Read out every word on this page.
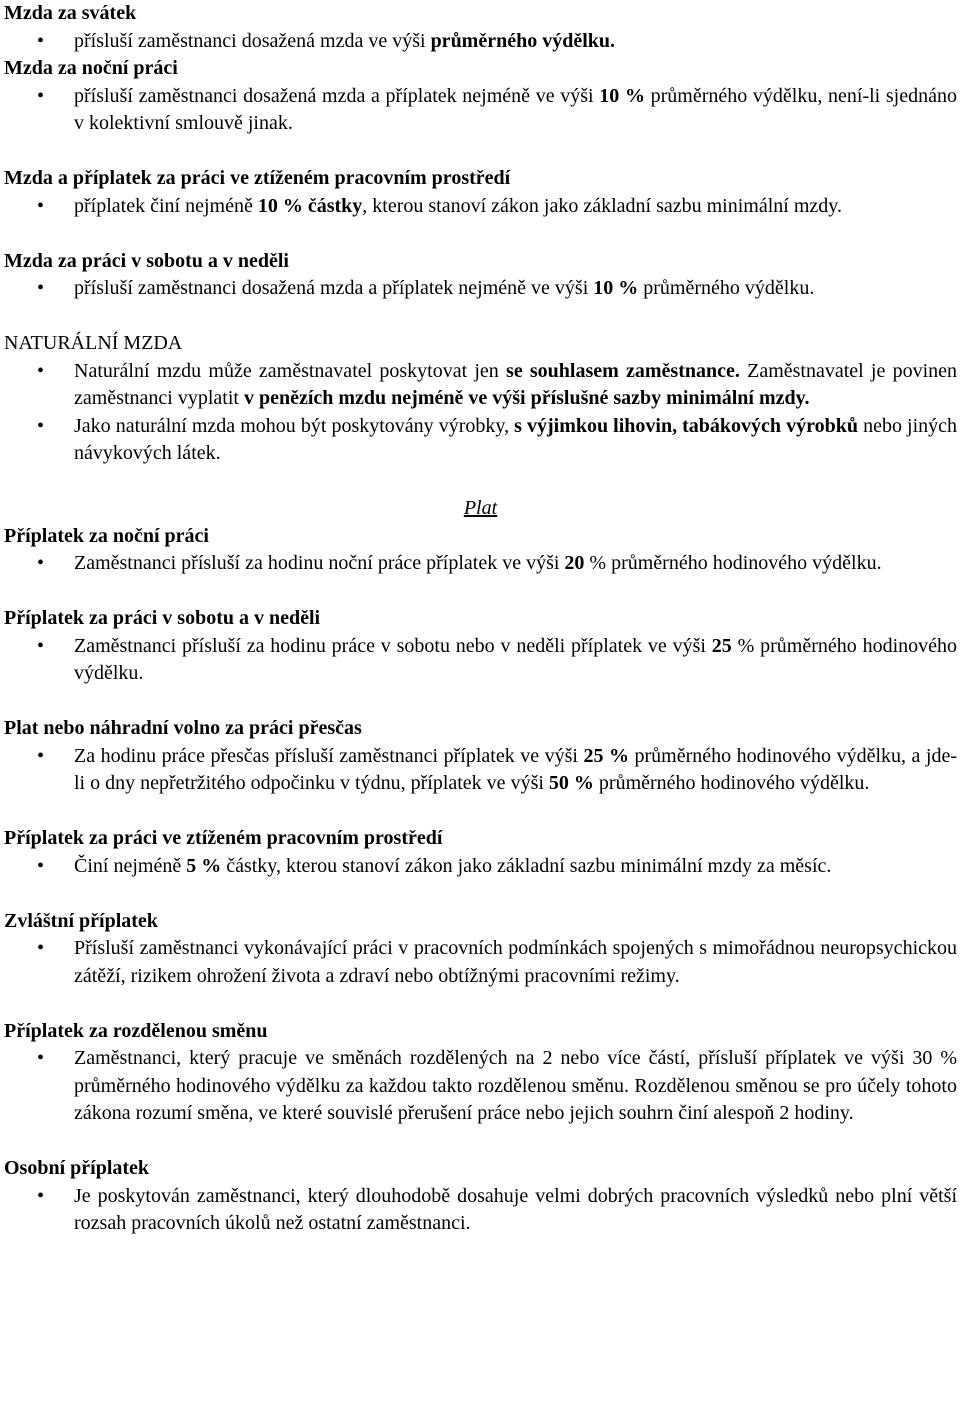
Mzda za svátek

• přísluší zaměstnanci dosažená mzda ve výši průměrného výdělku.

Mzda za noční práci

• přísluší zaměstnanci dosažená mzda a příplatek nejméně ve výši 10 % průměrného výdělku, není-li sjednáno v kolektivní smlouvě jinak.

Mzda a příplatek za práci ve ztíženém pracovním prostředí

• příplatek činí nejméně 10 % částky, kterou stanoví zákon jako základní sazbu minimální mzdy.

Mzda za práci v sobotu a v neděli

• přísluší zaměstnanci dosažená mzda a příplatek nejméně ve výši 10 % průměrného výdělku.

NATURÁLNÍ MZDA

• Naturální mzdu může zaměstnavatel poskytovat jen se souhlasem zaměstnance. Zaměstnavatel je povinen zaměstnanci vyplatit v penězích mzdu nejméně ve výši příslušné sazby minimální mzdy.
• Jako naturální mzda mohou být poskytovány výrobky, s výjimkou lihovin, tabákových výrobků nebo jiných návykových látek.

Plat

Příplatek za noční práci

• Zaměstnanci přísluší za hodinu noční práce příplatek ve výši 20 % průměrného hodinového výdělku.

Příplatek za práci v sobotu a v neděli

• Zaměstnanci přísluší za hodinu práce v sobotu nebo v neděli příplatek ve výši 25 % průměrného hodinového výdělku.

Plat nebo náhradní volno za práci přesčas

• Za hodinu práce přesčas přísluší zaměstnanci příplatek ve výši 25 % průměrného hodinového výdělku, a jde-li o dny nepřetržitého odpočinku v týdnu, příplatek ve výši 50 % průměrného hodinového výdělku.

Příplatek za práci ve ztíženém pracovním prostředí

• Činí nejméně 5 % částky, kterou stanoví zákon jako základní sazbu minimální mzdy za měsíc.

Zvláštní příplatek

• Přísluší zaměstnanci vykonávající práci v pracovních podmínkách spojených s mimořádnou neuropsychickou zátěží, rizikem ohrožení života a zdraví nebo obtížnými pracovními režimy.

Příplatek za rozdělenou směnu

• Zaměstnanci, který pracuje ve směnách rozdělených na 2 nebo více částí, přísluší příplatek ve výši 30 % průměrného hodinového výdělku za každou takto rozdělenou směnu. Rozdělenou směnou se pro účely tohoto zákona rozumí směna, ve které souvislé přerušení práce nebo jejich souhrn činí alespoň 2 hodiny.

Osobní příplatek

• Je poskytován zaměstnanci, který dlouhodobě dosahuje velmi dobrých pracovních výsledků nebo plní větší rozsah pracovních úkolů než ostatní zaměstnanci.
